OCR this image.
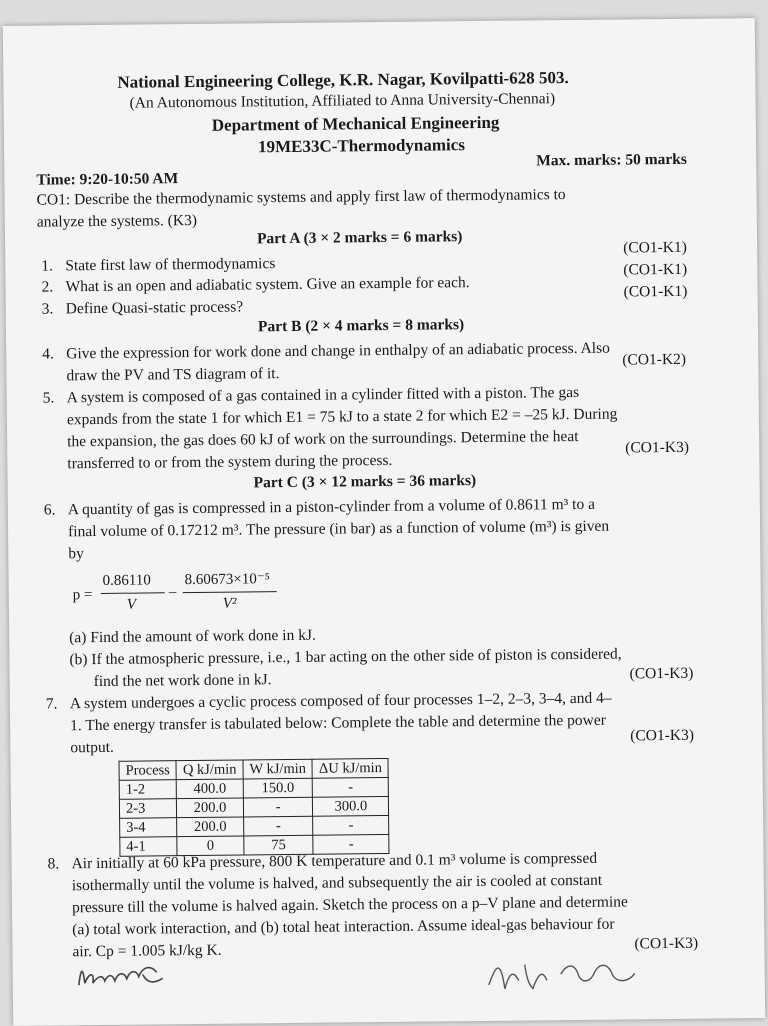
National Engineering College, K.R. Nagar, Kovilpatti-628 503.
(An Autonomous Institution, Affiliated to Anna University-Chennai)
Department of Mechanical Engineering
19ME33C-Thermodynamics
Time: 9:20-10:50 AM
Max. marks: 50 marks
CO1: Describe the thermodynamic systems and apply first law of thermodynamics to
analyze the systems. (K3)
Part A (3 × 2 marks = 6 marks)
1. State first law of thermodynamics
(CO1-K1)
2. What is an open and adiabatic system. Give an example for each.
(CO1-K1)
3. Define Quasi-static process?
(CO1-K1)
Part B (2 × 4 marks = 8 marks)
4. Give the expression for work done and change in enthalpy of an adiabatic process. Also
draw the PV and TS diagram of it.
(CO1-K2)
5. A system is composed of a gas contained in a cylinder fitted with a piston. The gas
expands from the state 1 for which E1 = 75 kJ to a state 2 for which E2 = –25 kJ. During
the expansion, the gas does 60 kJ of work on the surroundings. Determine the heat
transferred to or from the system during the process.
(CO1-K3)
Part C (3 × 12 marks = 36 marks)
6. A quantity of gas is compressed in a piston-cylinder from a volume of 0.8611 m³ to a
final volume of 0.17212 m³. The pressure (in bar) as a function of volume (m³) is given
by
p =
0.86110
V
–
8.60673×10⁻⁵
V²
(a) Find the amount of work done in kJ.
(b) If the atmospheric pressure, i.e., 1 bar acting on the other side of piston is considered,
find the net work done in kJ.	(CO1-K3)
7. A system undergoes a cyclic process composed of four processes 1–2, 2–3, 3–4, and 4–
1. The energy transfer is tabulated below: Complete the table and determine the power
output.
(CO1-K3)
Process	Q kJ/min	W kJ/min	ΔU kJ/min
1-2	400.0	150.0	-
2-3	200.0	-	300.0
3-4	200.0	-	-
4-1	0	75	-
8. Air initially at 60 kPa pressure, 800 K temperature and 0.1 m³ volume is compressed
isothermally until the volume is halved, and subsequently the air is cooled at constant
pressure till the volume is halved again. Sketch the process on a p–V plane and determine
(a) total work interaction, and (b) total heat interaction. Assume ideal-gas behaviour for
air. Cp = 1.005 kJ/kg K.	(CO1-K3)
